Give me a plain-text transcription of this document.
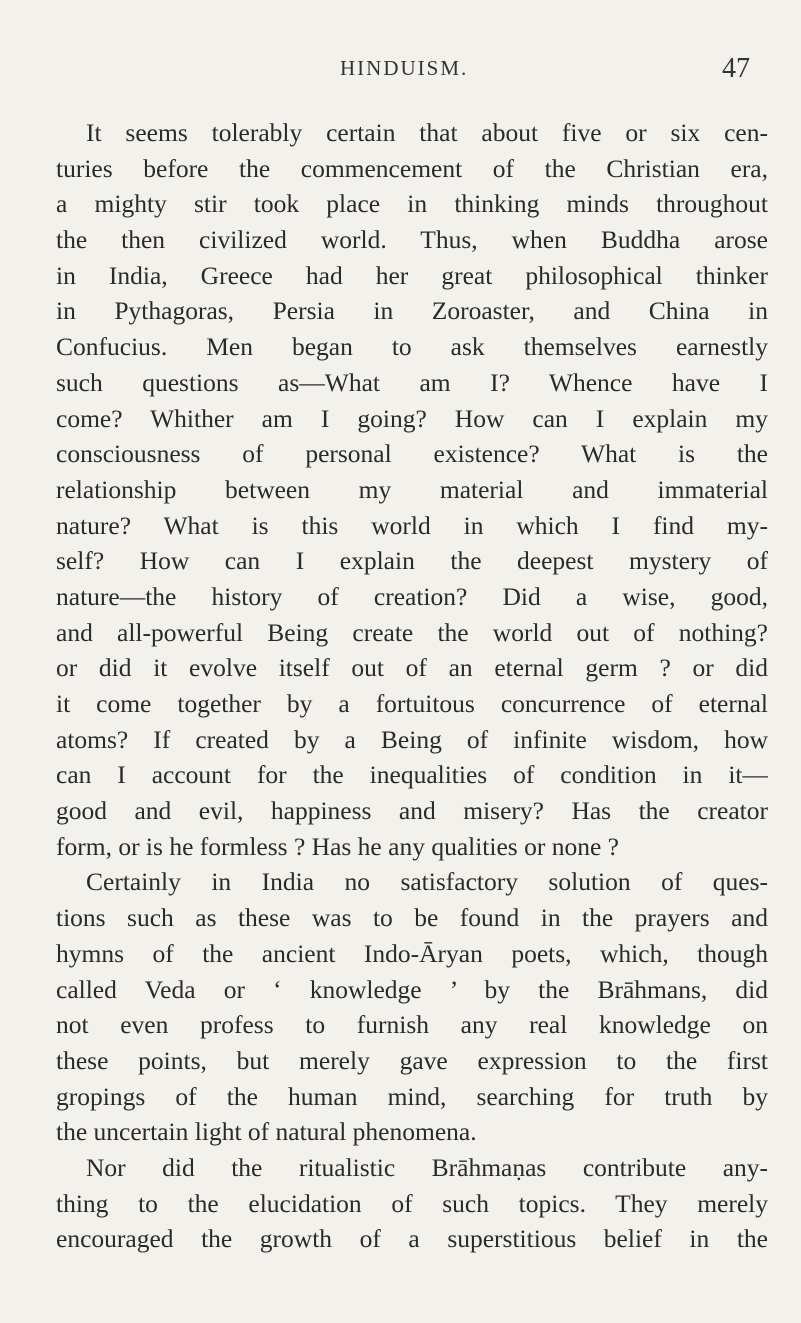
HINDUISM.	47
It seems tolerably certain that about five or six cen-
turies before the commencement of the Christian era,
a mighty stir took place in thinking minds throughout
the then civilized world. Thus, when Buddha arose
in India, Greece had her great philosophical thinker
in Pythagoras, Persia in Zoroaster, and China in
Confucius. Men began to ask themselves earnestly
such questions as—What am I? Whence have I
come? Whither am I going? How can I explain my
consciousness of personal existence? What is the
relationship between my material and immaterial
nature? What is this world in which I find my-
self? How can I explain the deepest mystery of
nature—the history of creation? Did a wise, good,
and all-powerful Being create the world out of nothing?
or did it evolve itself out of an eternal germ ? or did
it come together by a fortuitous concurrence of eternal
atoms? If created by a Being of infinite wisdom, how
can I account for the inequalities of condition in it—
good and evil, happiness and misery? Has the creator
form, or is he formless ? Has he any qualities or none ?
Certainly in India no satisfactory solution of ques-
tions such as these was to be found in the prayers and
hymns of the ancient Indo-Āryan poets, which, though
called Veda or ‘ knowledge ’ by the Brāhmans, did
not even profess to furnish any real knowledge on
these points, but merely gave expression to the first
gropings of the human mind, searching for truth by
the uncertain light of natural phenomena.
Nor did the ritualistic Brāhmaṇas contribute any-
thing to the elucidation of such topics. They merely
encouraged the growth of a superstitious belief in the
